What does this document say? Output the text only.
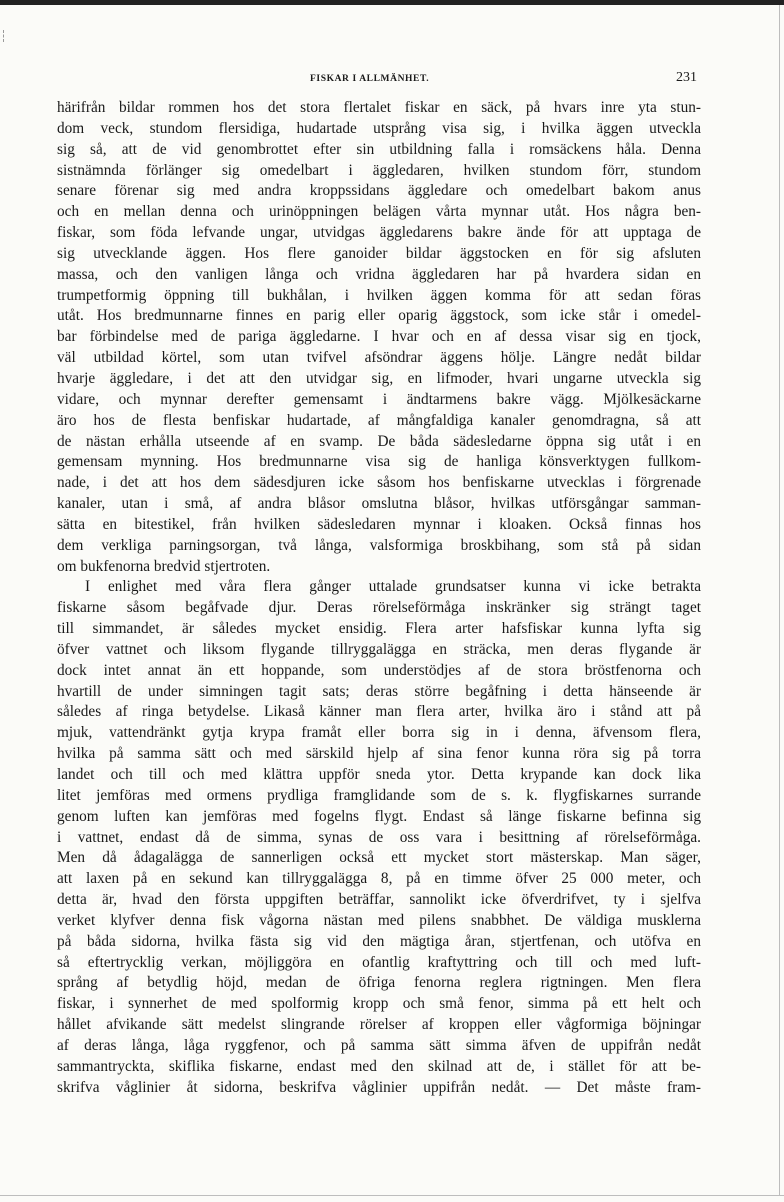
FISKAR I ALLMÄNHET.	231
härifrån bildar rommen hos det stora flertalet fiskar en säck, på hvars inre yta stun-
dom veck, stundom flersidiga, hudartade utsprång visa sig, i hvilka äggen utveckla
sig så, att de vid genombrottet efter sin utbildning falla i romsäckens håla. Denna
sistnämnda förlänger sig omedelbart i äggledaren, hvilken stundom förr, stundom
senare förenar sig med andra kroppssidans äggledare och omedelbart bakom anus
och en mellan denna och urinöppningen belägen vårta mynnar utåt. Hos några ben-
fiskar, som föda lefvande ungar, utvidgas äggledarens bakre ände för att upptaga de
sig utvecklande äggen. Hos flere ganoider bildar äggstocken en för sig afsluten
massa, och den vanligen långa och vridna äggledaren har på hvardera sidan en
trumpetformig öppning till bukhålan, i hvilken äggen komma för att sedan föras
utåt. Hos bredmunnarne finnes en parig eller oparig äggstock, som icke står i omedel-
bar förbindelse med de pariga äggledarne. I hvar och en af dessa visar sig en tjock,
väl utbildad körtel, som utan tvifvel afsöndrar äggens hölje. Längre nedåt bildar
hvarje äggledare, i det att den utvidgar sig, en lifmoder, hvari ungarne utveckla sig
vidare, och mynnar derefter gemensamt i ändtarmens bakre vägg. Mjölkesäckarne
äro hos de flesta benfiskar hudartade, af mångfaldiga kanaler genomdragna, så att
de nästan erhålla utseende af en svamp. De båda sädesledarne öppna sig utåt i en
gemensam mynning. Hos bredmunnarne visa sig de hanliga könsverktygen fullkom-
nade, i det att hos dem sädesdjuren icke såsom hos benfiskarne utvecklas i förgrenade
kanaler, utan i små, af andra blåsor omslutna blåsor, hvilkas utförsgångar samman-
sätta en bitestikel, från hvilken sädesledaren mynnar i kloaken. Också finnas hos
dem verkliga parningsorgan, två långa, valsformiga broskbihang, som stå på sidan
om bukfenorna bredvid stjertroten.
I enlighet med våra flera gånger uttalade grundsatser kunna vi icke betrakta
fiskarne såsom begåfvade djur. Deras rörelseförmåga inskränker sig strängt taget
till simmandet, är således mycket ensidig. Flera arter hafsfiskar kunna lyfta sig
öfver vattnet och liksom flygande tillryggalägga en sträcka, men deras flygande är
dock intet annat än ett hoppande, som understödjes af de stora bröstfenorna och
hvartill de under simningen tagit sats; deras större begåfning i detta hänseende är
således af ringa betydelse. Likaså känner man flera arter, hvilka äro i stånd att på
mjuk, vattendränkt gytja krypa framåt eller borra sig in i denna, äfvensom flera,
hvilka på samma sätt och med särskild hjelp af sina fenor kunna röra sig på torra
landet och till och med klättra uppför sneda ytor. Detta krypande kan dock lika
litet jemföras med ormens prydliga framglidande som de s. k. flygfiskarnes surrande
genom luften kan jemföras med fogelns flygt. Endast så länge fiskarne befinna sig
i vattnet, endast då de simma, synas de oss vara i besittning af rörelseförmåga.
Men då ådagalägga de sannerligen också ett mycket stort mästerskap. Man säger,
att laxen på en sekund kan tillryggalägga 8, på en timme öfver 25 000 meter, och
detta är, hvad den första uppgiften beträffar, sannolikt icke öfverdrifvet, ty i sjelfva
verket klyfver denna fisk vågorna nästan med pilens snabbhet. De väldiga musklerna
på båda sidorna, hvilka fästa sig vid den mägtiga åran, stjertfenan, och utöfva en
så eftertrycklig verkan, möjliggöra en ofantlig kraftyttring och till och med luft-
språng af betydlig höjd, medan de öfriga fenorna reglera rigtningen. Men flera
fiskar, i synnerhet de med spolformig kropp och små fenor, simma på ett helt och
hållet afvikande sätt medelst slingrande rörelser af kroppen eller vågformiga böjningar
af deras långa, låga ryggfenor, och på samma sätt simma äfven de uppifrån nedåt
sammantryckta, skiflika fiskarne, endast med den skilnad att de, i stället för att be-
skrifva våglinier åt sidorna, beskrifva våglinier uppifrån nedåt. — Det måste fram-
